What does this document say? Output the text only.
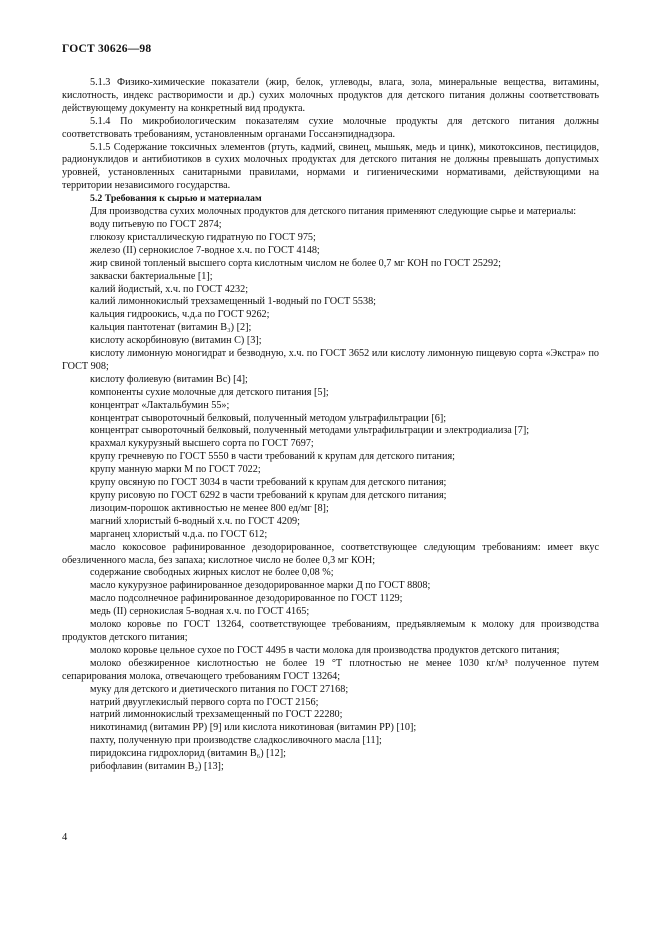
ГОСТ 30626—98

5.1.3 Физико-химические показатели (жир, белок, углеводы, влага, зола, минеральные вещества, витамины, кислотность, индекс растворимости и др.) сухих молочных продуктов для детского питания должны соответствовать действующему документу на конкретный вид продукта.

5.1.4 По микробиологическим показателям сухие молочные продукты для детского питания должны соответствовать требованиям, установленным органами Госсанэпиднадзора.

5.1.5 Содержание токсичных элементов (ртуть, кадмий, свинец, мышьяк, медь и цинк), микотоксинов, пестицидов, радионуклидов и антибиотиков в сухих молочных продуктах для детского питания не должны превышать допустимых уровней, установленных санитарными правилами, нормами и гигиеническими нормативами, действующими на территории независимого государства.

5.2 Требования к сырью и материалам

Для производства сухих молочных продуктов для детского питания применяют следующие сырье и материалы:

воду питьевую по ГОСТ 2874;

глюкозу кристаллическую гидратную по ГОСТ 975;

железо (II) сернокислое 7-водное х.ч. по ГОСТ 4148;

жир свиной топленый высшего сорта кислотным числом не более 0,7 мг КОН по ГОСТ 25292;

закваски бактериальные [1];

калий йодистый, х.ч. по ГОСТ 4232;

калий лимоннокислый трехзамещенный 1-водный по ГОСТ 5538;

кальция гидроокись, ч.д.а по ГОСТ 9262;

кальция пантотенат (витамин B₃) [2];

кислоту аскорбиновую (витамин С) [3];

кислоту лимонную моногидрат и безводную, х.ч. по ГОСТ 3652 или кислоту лимонную пищевую сорта «Экстра» по ГОСТ 908;

кислоту фолиевую (витамин Bс) [4];

компоненты сухие молочные для детского питания [5];

концентрат «Лактальбумин 55»;

концентрат сывороточный белковый, полученный методом ультрафильтрации [6];

концентрат сывороточный белковый, полученный методами ультрафильтрации и электродиализа [7];

крахмал кукурузный высшего сорта по ГОСТ 7697;

крупу гречневую по ГОСТ 5550 в части требований к крупам для детского питания;

крупу манную марки М по ГОСТ 7022;

крупу овсяную по ГОСТ 3034 в части требований к крупам для детского питания;

крупу рисовую по ГОСТ 6292 в части требований к крупам для детского питания;

лизоцим-порошок активностью не менее 800 ед/мг [8];

магний хлористый 6-водный х.ч. по ГОСТ 4209;

марганец хлористый ч.д.а. по ГОСТ 612;

масло кокосовое рафинированное дезодорированное, соответствующее следующим требованиям: имеет вкус обезличенного масла, без запаха; кислотное число не более 0,3 мг КОН;

содержание свободных жирных кислот не более 0,08 %;

масло кукурузное рафинированное дезодорированное марки Д по ГОСТ 8808;

масло подсолнечное рафинированное дезодорированное по ГОСТ 1129;

медь (II) сернокислая 5-водная х.ч. по ГОСТ 4165;

молоко коровье по ГОСТ 13264, соответствующее требованиям, предъявляемым к молоку для производства продуктов детского питания;

молоко коровье цельное сухое по ГОСТ 4495 в части молока для производства продуктов детского питания;

молоко обезжиренное кислотностью не более 19 °Т плотностью не менее 1030 кг/м³ полученное путем сепарирования молока, отвечающего требованиям ГОСТ 13264;

муку для детского и диетического питания по ГОСТ 27168;

натрий двууглекислый первого сорта по ГОСТ 2156;

натрий лимоннокислый трехзамещенный по ГОСТ 22280;

никотинамид (витамин РР) [9] или кислота никотиновая (витамин РР) [10];

пахту, полученную при производстве сладкосливочного масла [11];

пиридоксина гидрохлорид (витамин B₆) [12];

рибофлавин (витамин B₂) [13];

4
